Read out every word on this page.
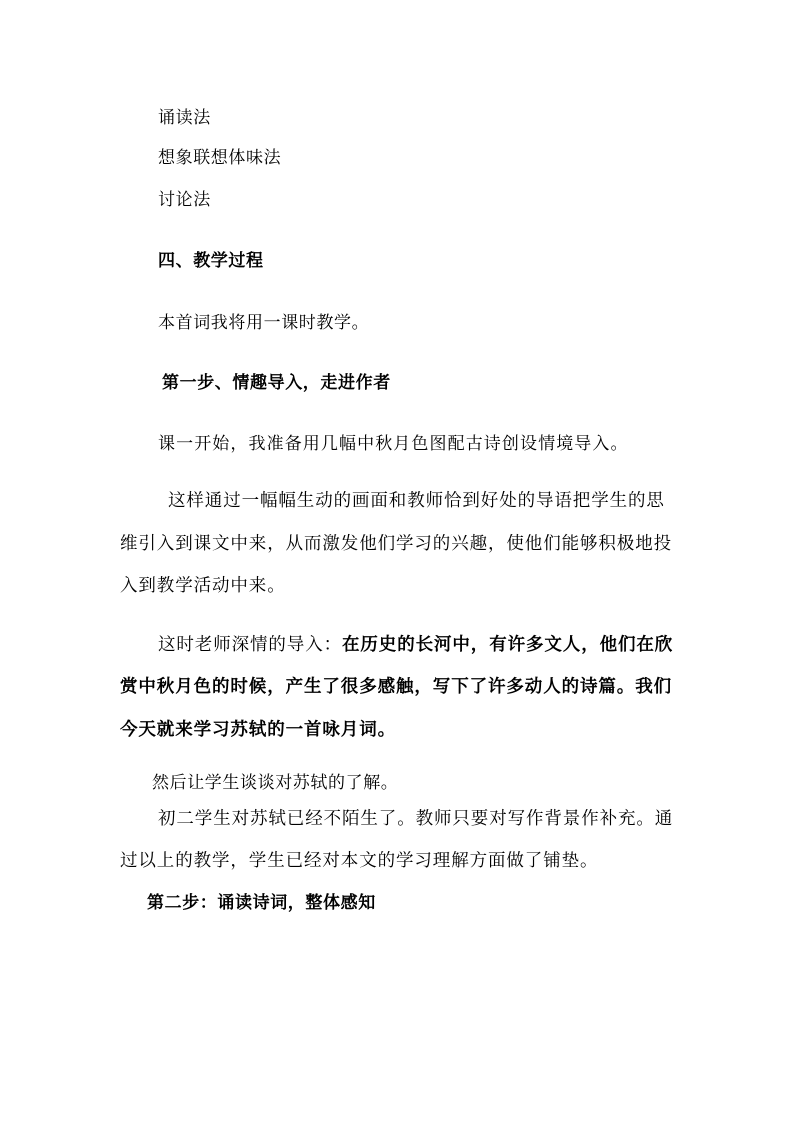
诵读法
想象联想体味法
讨论法
四、教学过程
本首词我将用一课时教学。
第一步、情趣导入，走进作者
课一开始，我准备用几幅中秋月色图配古诗创设情境导入。
这样通过一幅幅生动的画面和教师恰到好处的导语把学生的思
维引入到课文中来，从而激发他们学习的兴趣，使他们能够积极地投
入到教学活动中来。
这时老师深情的导入：在历史的长河中，有许多文人，他们在欣
赏中秋月色的时候，产生了很多感触，写下了许多动人的诗篇。我们
今天就来学习苏轼的一首咏月词。
然后让学生谈谈对苏轼的了解。
初二学生对苏轼已经不陌生了。教师只要对写作背景作补充。通
过以上的教学，学生已经对本文的学习理解方面做了铺垫。
第二步：诵读诗词，整体感知
